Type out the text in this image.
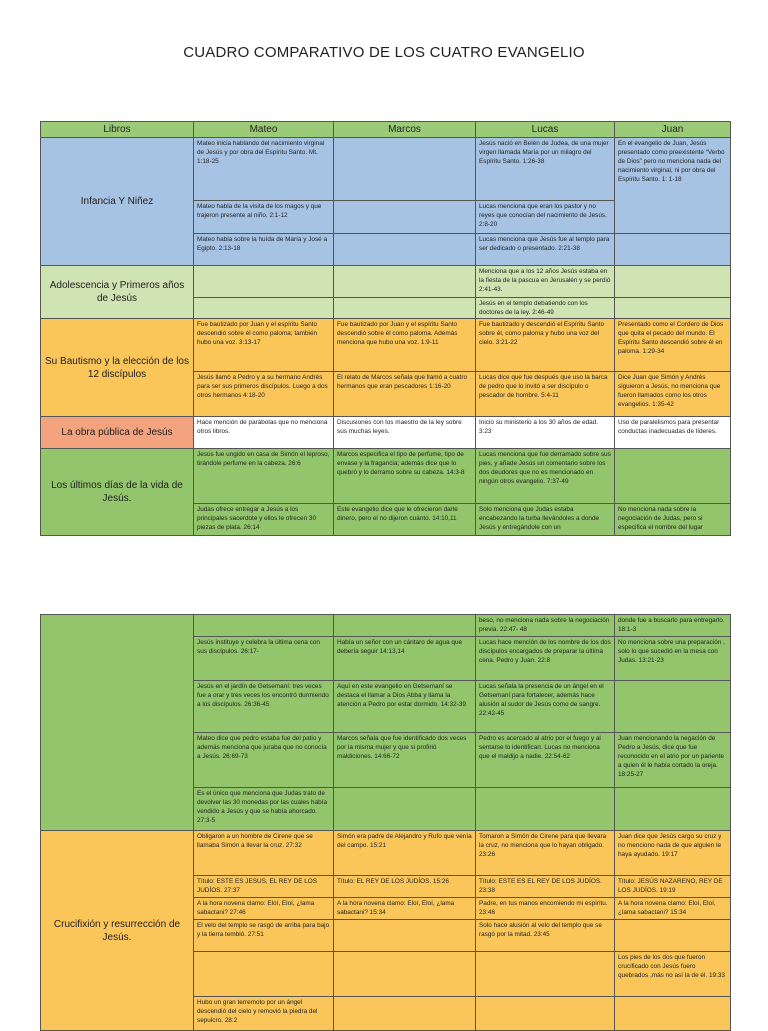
CUADRO COMPARATIVO DE LOS CUATRO EVANGELIO
Libros	Mateo	Marcos	Lucas	Juan
Infancia Y Niñez	Mateo inicia hablando del nacimiento virginal de Jesús y por obra del Espíritu Santo. Mt. 1:18-25		Jesús nació en Belén de Judea, de una mujer virgen llamada María por un milagro del Espíritu Santo. 1:26-38	En el evangelio de Juan, Jesús presentado como preexistente “Verbo de Dios” pero no menciona nada del nacimiento virginal, ni por obra del Espíritu Santo. 1: 1-18
	Mateo habla de la visita de los magos y que trajeron presente al niño. 2:1-12		Lucas menciona que eran los pastor y no reyes que conocían del nacimiento de Jesús. 2:8-20	
	Mateo habla sobre la huída de María y José a Egipto. 2:13-18		Lucas menciona que Jesús fue al templo para ser dedicado o presentado. 2:21-38	
Adolescencia y Primeros años de Jesús			Menciona que a los 12 años Jesús estaba en la fiesta de la pascua en Jerusalén y se perdió 2:41-43.	
			Jesús en el templo debatiendo con los doctores de la ley. 2:46-49	
Su Bautismo y la elección de los 12 discípulos	Fue bautizado por Juan y el espíritu Santo descendió sobre él como paloma; también hubo una voz. 3:13-17	Fue bautizado por Juan y el espíritu Santo descendió sobre él como paloma. Además menciona que hubo una voz. 1:9-11	Fue bautizado y descendió el Espíritu Santo sobre él, como paloma y hubo una voz del cielo. 3:21-22	Presentado como el Cordero de Dios que quita el pecado del mundo. El Espíritu Santo descendió sobre él en paloma. 1:29-34
	Jesús llamó a Pedro y a su hermano Andrés para ser sus primeros discípulos. Luego a dos otros hermanos 4:18-20	El relato de Marcos señala que llamó a cuatro hermanos que eran pescadores 1:16-20	Lucas dice que fue después que uso la barca de pedro que lo invitó a ser discípulo o pescador de hombre. 5:4-11	Dice Juan que Simón y Andrés siguieron a Jesús, no menciona que fueron llamados como los otros evangelios. 1:35-42
La obra pública de Jesús	Hace mención de parábolas que no menciona otros libros.	Discusiones con los maestro de la ley sobre sus muchas leyes.	Inicio su ministerio a los 30 años de edad. 3:23	Uso de paralelismos para presentar conductas inadecuadas de líderes.
Los últimos días de la vida de Jesús.	Jesús fue ungido en casa de Simón el leproso, tirándole perfume en la cabeza. 26:6	Marcos especifica el tipo de perfume, tipo de envase y la fragancia; además dice que lo quebró y lo derramo sobre su cabeza. 14:3-8	Lucas menciona que fue derramado sobre sus pies, y añade Jesús un comentario sobre los dos deudores que no es mencionado en ningún otros evangelio. 7:37-49	
	Judas ofrece entregar a Jesús a los principales sacerdote y ellos le ofrecen 30 piezas de plata. 26:14	Este evangelio dice que le ofrecieron darle dinero, pero el no dijeron cuánto. 14:10,11	Solo menciona que Judas estaba encabezando la turba llevándoles a donde Jesús y entregándole con un	No menciona nada sobre la negociación de Judas, pero si especifica el nombre del lugar
			beso, no menciona nada sobre la negociación previa. 22:47- 48	donde fue a buscarlo para entregarlo. 18:1-3
	Jesús instituye y celebra la última cena con sus discípulos. 26:17-	Había un señor con un cántaro de agua que debería seguir 14:13,14	Lucas hace mención de los nombre de los dos discípulos encargados de preparar la última cena. Pedro y Juan. 22:8	No menciona sobre una preparación , solo lo que sucedió en la mesa con Judas. 13:21-23
	Jesús en el jardín de Getsemaní: tres veces fue a orar y tres veces los encontró durmiendo a los discípulos. 26:36-45	Aquí en este evangelio en Getsemaní se destaca el llamar a Dios Abba y llama la atención a Pedro por estar dormido. 14:32-39	Lucas señala la presencia de un ángel en el Getsemaní para fortalecer, además hace alusión al sudor de Jesús como de sangre. 22:42-45	
	Mateo dice que pedro estaba fue del patio y además menciona que juraba que no conocía a Jesús. 26:69-73	Marcos señala que fue identificado dos veces por la misma mujer y que si profirió maldiciones. 14:66-72	Pedro es acercado al atrio por el fuego y al sentarse lo identifican. Lucas no menciona que el maldijo a nadie. 22:54-62	Juan mencionando la negación de Pedro a Jesús, dice que fue reconocido en el atrio por un pariente a quien él le había cortado la oreja. 18:25-27
	Es el único que menciona que Judas trato de devolver las 30 monedas por las cuales había vendido a Jesús y que se había ahorcado. 27:3-5			
Crucifixión y resurrección de Jesús.	Obligaron a un hombre de Cirene que se llamaba Simón a llevar la cruz. 27:32	Simón era padre de Alejandro y Rufo que venía del campo. 15:21	Tomaron a Simón de Cirene para que llevara la cruz, no menciona que lo hayan obligado. 23:26	Juan dice que Jesús cargo su cruz y no menciono nada de que alguien le haya ayudado. 19:17
	Título: ESTE ES JESUS, EL REY DE LOS JUDÍOS. 27:37	Título: EL REY DE LOS JUDÍOS. 15:26	Título: ESTE ES EL REY DE LOS JUDÍOS. 23:38	Título: JESÚS NAZARENO, REY DE LOS JUDÍOS. 19:19
	A la hora novena clamo: Eloí, Eloí, ¿lama sabactani? 27:46	A la hora novena clamo: Eloí, Eloí, ¿lama sabactani? 15:34	Padre, en tus manos encomiendo mi espíritu. 23:46	A la hora novena clamo: Eloí, Eloí, ¿lama sabactani? 15:34
	El velo del templo se rasgó de arriba para bajo y la tierra tembló. 27:51		Solo hace alusión al velo del templo que se rasgó por la mitad. 23:45	
				Los pies de los dos que fueron crucificado con Jesús fuero quebrados ,más no así la de él. 19:33
	Hubo un gran terremoto por un ángel descendió del cielo y removió la piedra del sepulcro. 28:2			
